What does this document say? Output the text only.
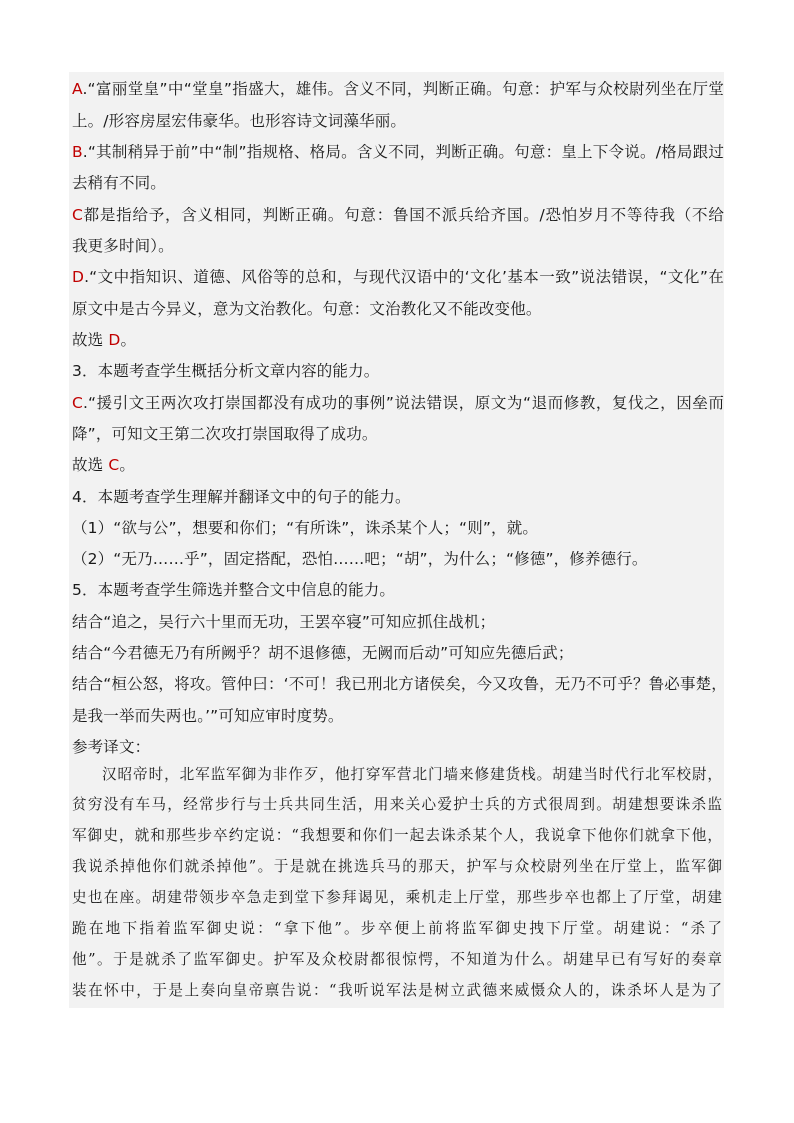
A.“富丽堂皇”中“堂皇”指盛大，雄伟。含义不同，判断正确。句意：护军与众校尉列坐在厅堂
上。/形容房屋宏伟豪华。也形容诗文词藻华丽。
B.“其制稍异于前”中“制”指规格、格局。含义不同，判断正确。句意：皇上下令说。/格局跟过
去稍有不同。
C都是指给予，含义相同，判断正确。句意：鲁国不派兵给齐国。/恐怕岁月不等待我（不给
我更多时间）。
D.“文中指知识、道德、风俗等的总和，与现代汉语中的‘文化’基本一致”说法错误，“文化”在
原文中是古今异义，意为文治教化。句意：文治教化又不能改变他。
故选 D。
3．本题考查学生概括分析文章内容的能力。
C.“援引文王两次攻打崇国都没有成功的事例”说法错误，原文为“退而修教，复伐之，因垒而
降”，可知文王第二次攻打崇国取得了成功。
故选 C。
4．本题考查学生理解并翻译文中的句子的能力。
（1）“欲与公”，想要和你们；“有所诛”，诛杀某个人；“则”，就。
（2）“无乃……乎”，固定搭配，恐怕……吧；“胡”，为什么；“修德”，修养德行。
5．本题考查学生筛选并整合文中信息的能力。
结合“追之，吴行六十里而无功，王罢卒寝”可知应抓住战机；
结合“今君德无乃有所阙乎？胡不退修德，无阙而后动”可知应先德后武；
结合“桓公怒，将攻。管仲曰：‘不可！我已刑北方诸侯矣，今又攻鲁，无乃不可乎？鲁必事楚，
是我一举而失两也。’”可知应审时度势。
参考译文：
汉昭帝时，北军监军御为非作歹，他打穿军营北门墙来修建货栈。胡建当时代行北军校尉，
贫穷没有车马，经常步行与士兵共同生活，用来关心爱护士兵的方式很周到。胡建想要诛杀监
军御史，就和那些步卒约定说：“我想要和你们一起去诛杀某个人，我说拿下他你们就拿下他，
我说杀掉他你们就杀掉他”。于是就在挑选兵马的那天，护军与众校尉列坐在厅堂上，监军御
史也在座。胡建带领步卒急走到堂下参拜谒见，乘机走上厅堂，那些步卒也都上了厅堂，胡建
跪在地下指着监军御史说：“拿下他”。步卒便上前将监军御史拽下厅堂。胡建说：“杀了
他”。于是就杀了监军御史。护军及众校尉都很惊愕，不知道为什么。胡建早已有写好的奏章
装在怀中，于是上奏向皇帝禀告说：“我听说军法是树立武德来威慑众人的，诛杀坏人是为了
